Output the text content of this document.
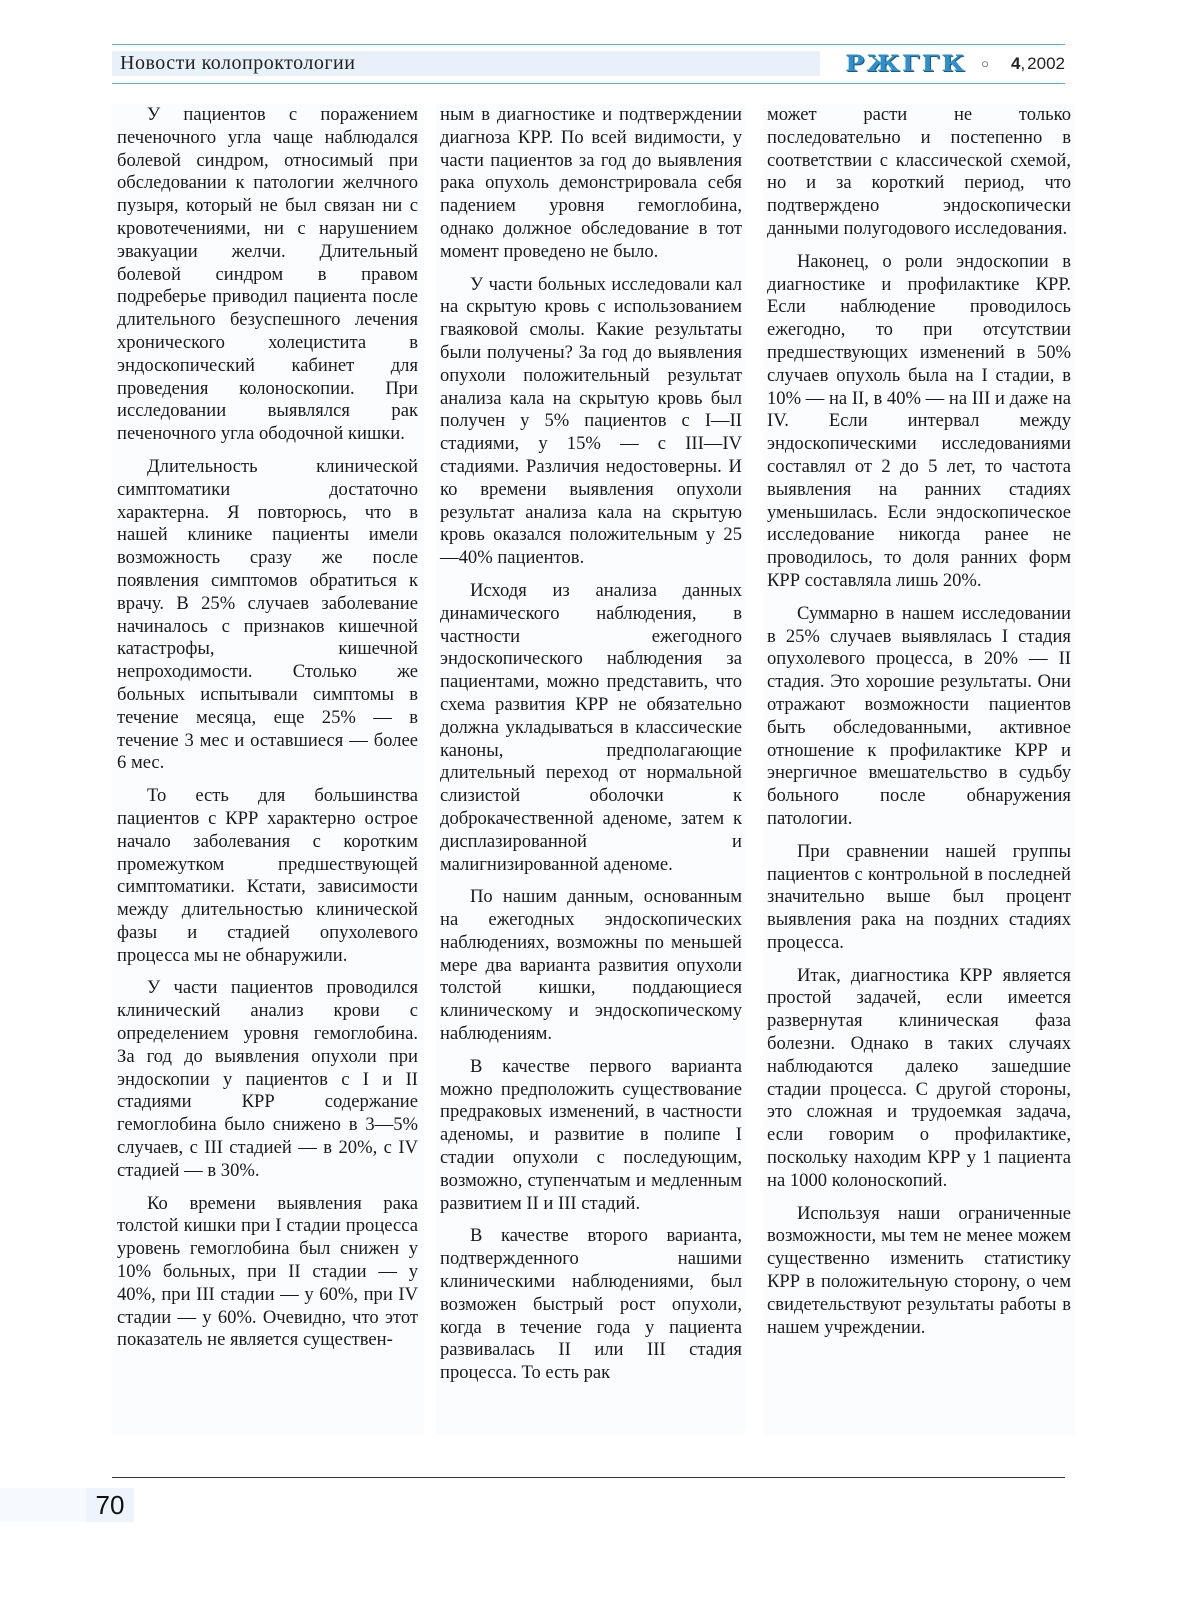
Новости колопроктологии	РЖГГК ○ 4 , 2002

У пациентов с поражением печеночного угла чаще наблюдался болевой синдром, относимый при обследовании к патологии желчного пузыря, который не был связан ни с кровотечениями, ни с нарушением эвакуации желчи. Длительный болевой синдром в правом подреберье приводил пациента после длительного безуспешного лечения хронического холецистита в эндоскопический кабинет для проведения колоноскопии. При исследовании выявлялся рак печеночного угла ободочной кишки.

Длительность клинической симптоматики достаточно характерна. Я повторюсь, что в нашей клинике пациенты имели возможность сразу же после появления симптомов обратиться к врачу. В 25% случаев заболевание начиналось с признаков кишечной катастрофы, кишечной непроходимости. Столько же больных испытывали симптомы в течение месяца, еще 25% — в течение 3 мес и оставшиеся — более 6 мес.

То есть для большинства пациентов с КРР характерно острое начало заболевания с коротким промежутком предшествующей симптоматики. Кстати, зависимости между длительностью клинической фазы и стадией опухолевого процесса мы не обнаружили.

У части пациентов проводился клинический анализ крови с определением уровня гемоглобина. За год до выявления опухоли при эндоскопии у пациентов с I и II стадиями КРР содержание гемоглобина было снижено в 3—5% случаев, с III стадией — в 20%, с IV стадией — в 30%.

Ко времени выявления рака толстой кишки при I стадии процесса уровень гемоглобина был снижен у 10% больных, при II стадии — у 40%, при III стадии — у 60%, при IV стадии — у 60%. Очевидно, что этот показатель не является существен-

ным в диагностике и подтверждении диагноза КРР. По всей видимости, у части пациентов за год до выявления рака опухоль демонстрировала себя падением уровня гемоглобина, однако должное обследование в тот момент проведено не было.

У части больных исследовали кал на скрытую кровь с использованием гваяковой смолы. Какие результаты были получены? За год до выявления опухоли положительный результат анализа кала на скрытую кровь был получен у 5% пациентов с I—II стадиями, у 15% — с III—IV стадиями. Различия недостоверны. И ко времени выявления опухоли результат анализа кала на скрытую кровь оказался положительным у 25—40% пациентов.

Исходя из анализа данных динамического наблюдения, в частности ежегодного эндоскопического наблюдения за пациентами, можно представить, что схема развития КРР не обязательно должна укладываться в классические каноны, предполагающие длительный переход от нормальной слизистой оболочки к доброкачественной аденоме, затем к дисплазированной и малигнизированной аденоме.

По нашим данным, основанным на ежегодных эндоскопических наблюдениях, возможны по меньшей мере два варианта развития опухоли толстой кишки, поддающиеся клиническому и эндоскопическому наблюдениям.

В качестве первого варианта можно предположить существование предраковых изменений, в частности аденомы, и развитие в полипе I стадии опухоли с последующим, возможно, ступенчатым и медленным развитием II и III стадий.

В качестве второго варианта, подтвержденного нашими клиническими наблюдениями, был возможен быстрый рост опухоли, когда в течение года у пациента развивалась II или III стадия процесса. То есть рак

может расти не только последовательно и постепенно в соответствии с классической схемой, но и за короткий период, что подтверждено эндоскопически данными полугодового исследования.

Наконец, о роли эндоскопии в диагностике и профилактике КРР. Если наблюдение проводилось ежегодно, то при отсутствии предшествующих изменений в 50% случаев опухоль была на I стадии, в 10% — на II, в 40% — на III и даже на IV. Если интервал между эндоскопическими исследованиями составлял от 2 до 5 лет, то частота выявления на ранних стадиях уменьшилась. Если эндоскопическое исследование никогда ранее не проводилось, то доля ранних форм КРР составляла лишь 20%.

Суммарно в нашем исследовании в 25% случаев выявлялась I стадия опухолевого процесса, в 20% — II стадия. Это хорошие результаты. Они отражают возможности пациентов быть обследованными, активное отношение к профилактике КРР и энергичное вмешательство в судьбу больного после обнаружения патологии.

При сравнении нашей группы пациентов с контрольной в последней значительно выше был процент выявления рака на поздних стадиях процесса.

Итак, диагностика КРР является простой задачей, если имеется развернутая клиническая фаза болезни. Однако в таких случаях наблюдаются далеко зашедшие стадии процесса. С другой стороны, это сложная и трудоемкая задача, если говорим о профилактике, поскольку находим КРР у 1 пациента на 1000 колоноскопий.

Используя наши ограниченные возможности, мы тем не менее можем существенно изменить статистику КРР в положительную сторону, о чем свидетельствуют результаты работы в нашем учреждении.

70
